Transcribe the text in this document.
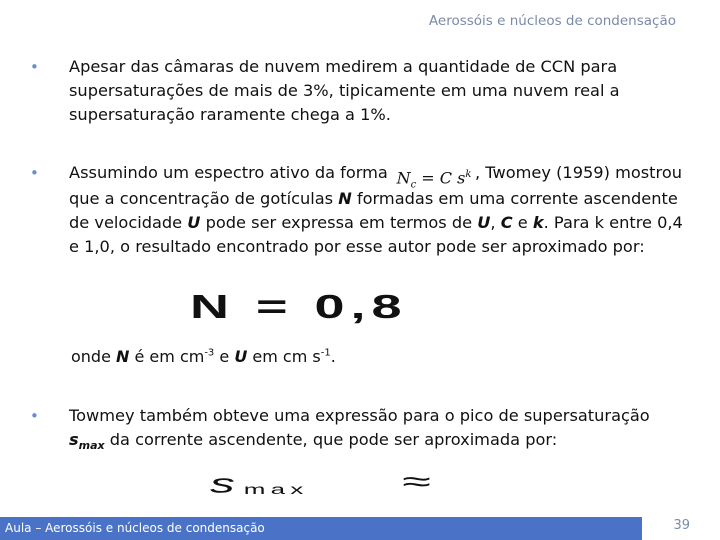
Aerossóis e núcleos de condensação
•	Apesar das câmaras de nuvem medirem a quantidade de CCN para supersaturações de mais de 3%, tipicamente em uma nuvem real a supersaturação raramente chega a 1%.
•	Assumindo um espectro ativo da forma $N_c = C$ $s^k$ , Twomey (1959) mostrou que a concentração de gotículas N formadas em uma corrente ascendente de velocidade U pode ser expressa em termos de U, C e k. Para k entre 0,4 e 1,0, o resultado encontrado por esse autor pode ser aproximado por:
N = 0,8
onde N é em $cm^{-3}$ e U em cm $s^{-1}$.
•	Towmey também obteve uma expressão para o pico de supersaturação $s_{max}$ da corrente ascendente, que pode ser aproximada por:
s max ≈
Aula – Aerossóis e núcleos de condensação	39
